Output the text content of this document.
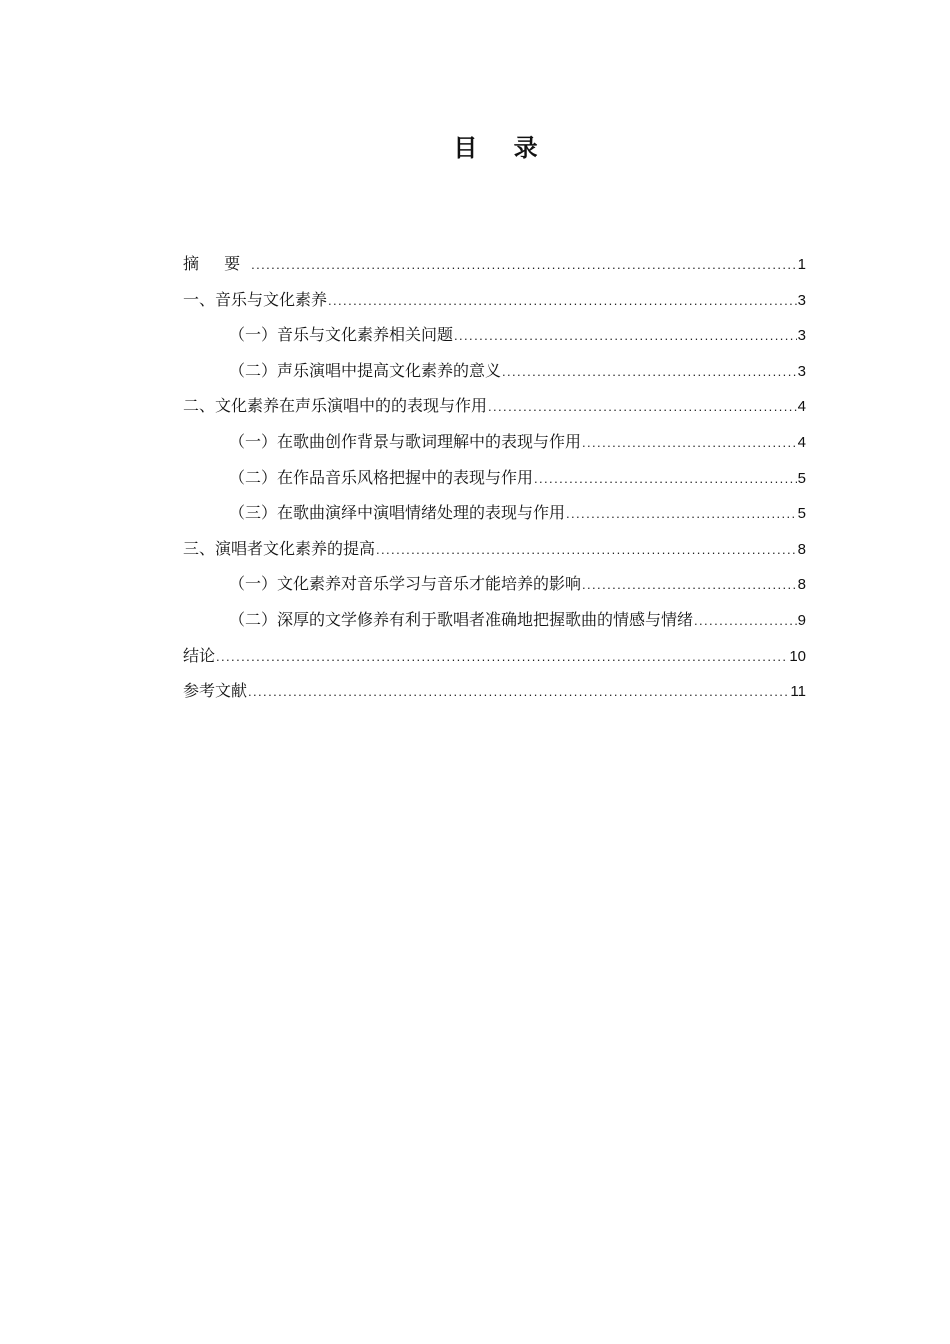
目 录
摘 要 .....	1
一、音乐与文化素养 .....	3
（一）音乐与文化素养相关问题 .....	3
（二）声乐演唱中提高文化素养的意义 .....	3
二、文化素养在声乐演唱中的的表现与作用 .....	4
（一）在歌曲创作背景与歌词理解中的表现与作用 .....	4
（二）在作品音乐风格把握中的表现与作用 .....	5
（三）在歌曲演绎中演唱情绪处理的表现与作用 .....	5
三、演唱者文化素养的提高 .....	8
（一）文化素养对音乐学习与音乐才能培养的影响 .....	8
（二）深厚的文学修养有利于歌唱者准确地把握歌曲的情感与情绪 .....	9
结论 .....	10
参考文献 .....	11
